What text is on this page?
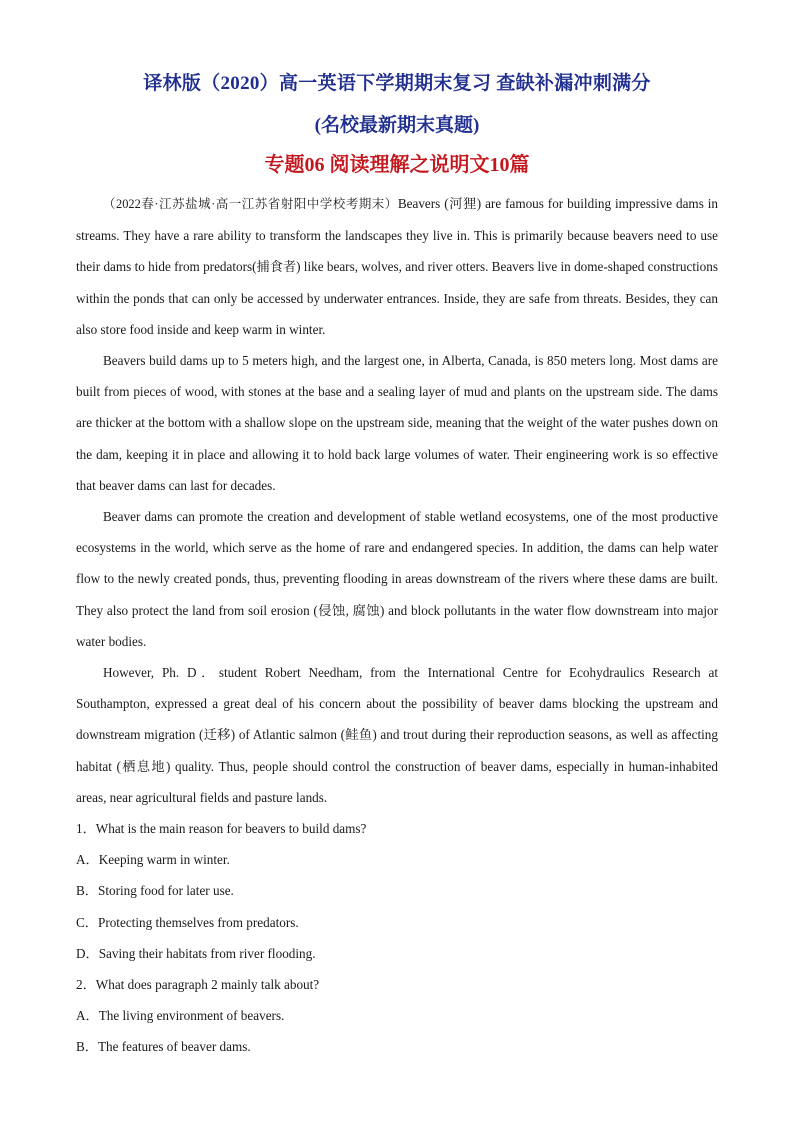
译林版（2020）高一英语下学期期末复习 查缺补漏冲刺满分
(名校最新期末真题)
专题06 阅读理解之说明文10篇

（2022春·江苏盐城·高一江苏省射阳中学校考期末）Beavers (河狸) are famous for building impressive dams in streams. They have a rare ability to transform the landscapes they live in. This is primarily because beavers need to use their dams to hide from predators(捕食者) like bears, wolves, and river otters. Beavers live in dome-shaped constructions within the ponds that can only be accessed by underwater entrances. Inside, they are safe from threats. Besides, they can also store food inside and keep warm in winter.

Beavers build dams up to 5 meters high, and the largest one, in Alberta, Canada, is 850 meters long. Most dams are built from pieces of wood, with stones at the base and a sealing layer of mud and plants on the upstream side. The dams are thicker at the bottom with a shallow slope on the upstream side, meaning that the weight of the water pushes down on the dam, keeping it in place and allowing it to hold back large volumes of water. Their engineering work is so effective that beaver dams can last for decades.

Beaver dams can promote the creation and development of stable wetland ecosystems, one of the most productive ecosystems in the world, which serve as the home of rare and endangered species. In addition, the dams can help water flow to the newly created ponds, thus, preventing flooding in areas downstream of the rivers where these dams are built. They also protect the land from soil erosion (侵蚀, 腐蚀) and block pollutants in the water flow downstream into major water bodies.

However, Ph. D．student Robert Needham, from the International Centre for Ecohydraulics Research at Southampton, expressed a great deal of his concern about the possibility of beaver dams blocking the upstream and downstream migration (迁移) of Atlantic salmon (鲑鱼) and trout during their reproduction seasons, as well as affecting habitat (栖息地) quality. Thus, people should control the construction of beaver dams, especially in human-inhabited areas, near agricultural fields and pasture lands.

1．What is the main reason for beavers to build dams?

A．Keeping warm in winter.

B．Storing food for later use.

C．Protecting themselves from predators.

D．Saving their habitats from river flooding.

2．What does paragraph 2 mainly talk about?

A．The living environment of beavers.

B．The features of beaver dams.
